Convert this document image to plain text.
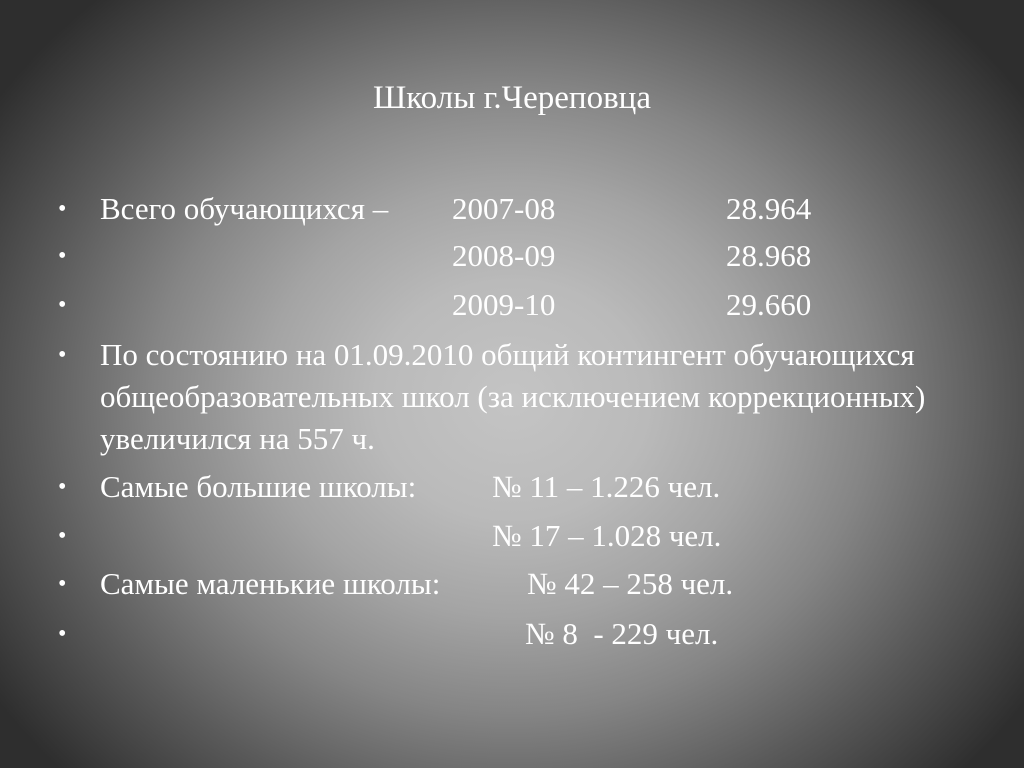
Школы г.Череповца
•	Всего обучающихся – 2007-08	28.964
•	2008-09	28.968
•	2009-10	29.660
•	По состоянию на 01.09.2010 общий контингент обучающихся общеобразовательных школ (за исключением коррекционных) увеличился на 557 ч.
•	Самые большие школы: № 11 – 1.226 чел.
•	№ 17 – 1.028 чел.
•	Самые маленькие школы:	№ 42 – 258 чел.
•	№ 8  - 229 чел.
